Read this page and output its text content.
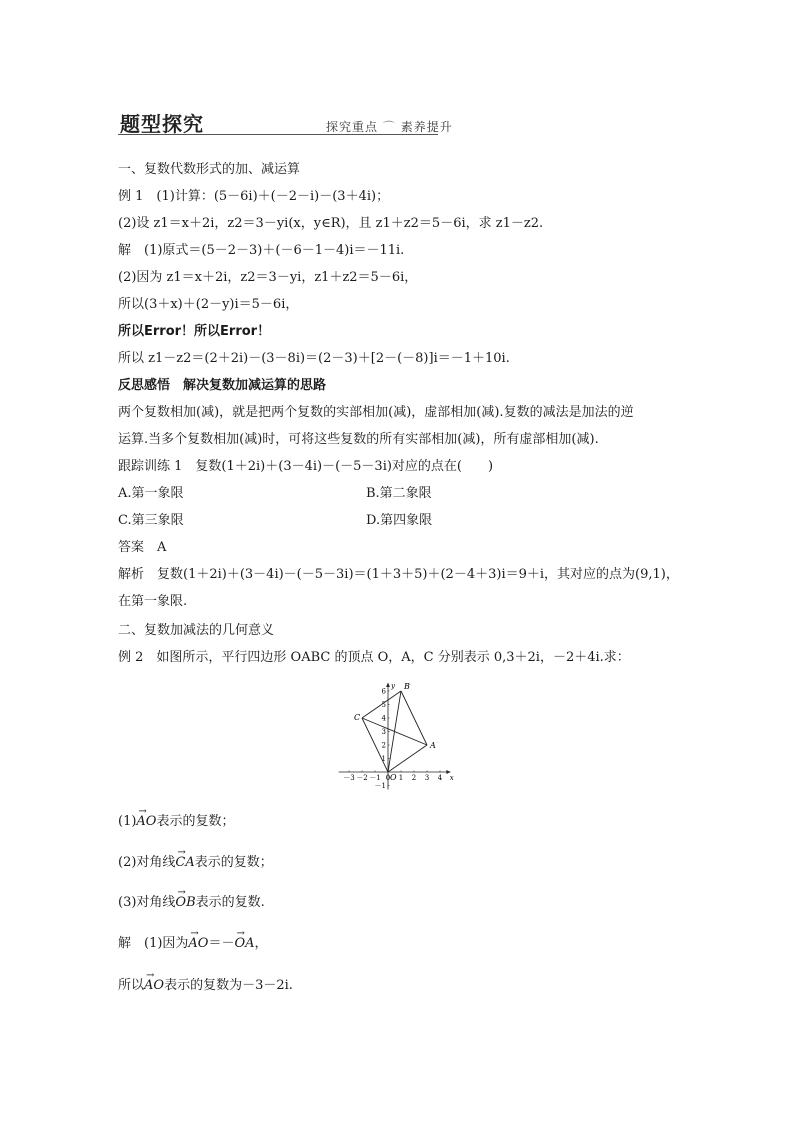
题型探究	探究重点 ⌒ 素养提升
一、复数代数形式的加、减运算
例 1　(1)计算：(5－6i)＋(－2－i)－(3＋4i)；
(2)设 z1＝x＋2i，z2＝3－yi(x，y∈R)，且 z1＋z2＝5－6i，求 z1－z2.
解　(1)原式＝(5－2－3)＋(－6－1－4)i＝－11i.
(2)因为 z1＝x＋2i，z2＝3－yi，z1＋z2＝5－6i，
所以(3＋x)＋(2－y)i＝5－6i，
所以Error！所以Error！
所以 z1－z2＝(2＋2i)－(3－8i)＝(2－3)＋[2－(－8)]i＝－1＋10i.
反思感悟　解决复数加减运算的思路
两个复数相加(减)，就是把两个复数的实部相加(减)，虚部相加(减).复数的减法是加法的逆
运算.当多个复数相加(减)时，可将这些复数的所有实部相加(减)，所有虚部相加(减).
跟踪训练 1　复数(1＋2i)＋(3－4i)－(－5－3i)对应的点在(　　)
A.第一象限	B.第二象限
C.第三象限	D.第四象限
答案　A
解析　复数(1＋2i)＋(3－4i)－(－5－3i)＝(1＋3＋5)＋(2－4＋3)i＝9＋i，其对应的点为(9,1)，
在第一象限.
二、复数加减法的几何意义
例 2　如图所示，平行四边形 OABC 的顶点 O，A，C 分别表示 0,3＋2i，－2＋4i.求：
x
y
－3 －2 －1 0 1 2 3 4
－1
1
2
3
4
5
6
O
A
B
C
(1)→ AO表示的复数；
(2)对角线→ CA表示的复数；
(3)对角线→ OB表示的复数.
解　(1)因为→ AO＝－→ OA，
所以→ AO表示的复数为－3－2i.
